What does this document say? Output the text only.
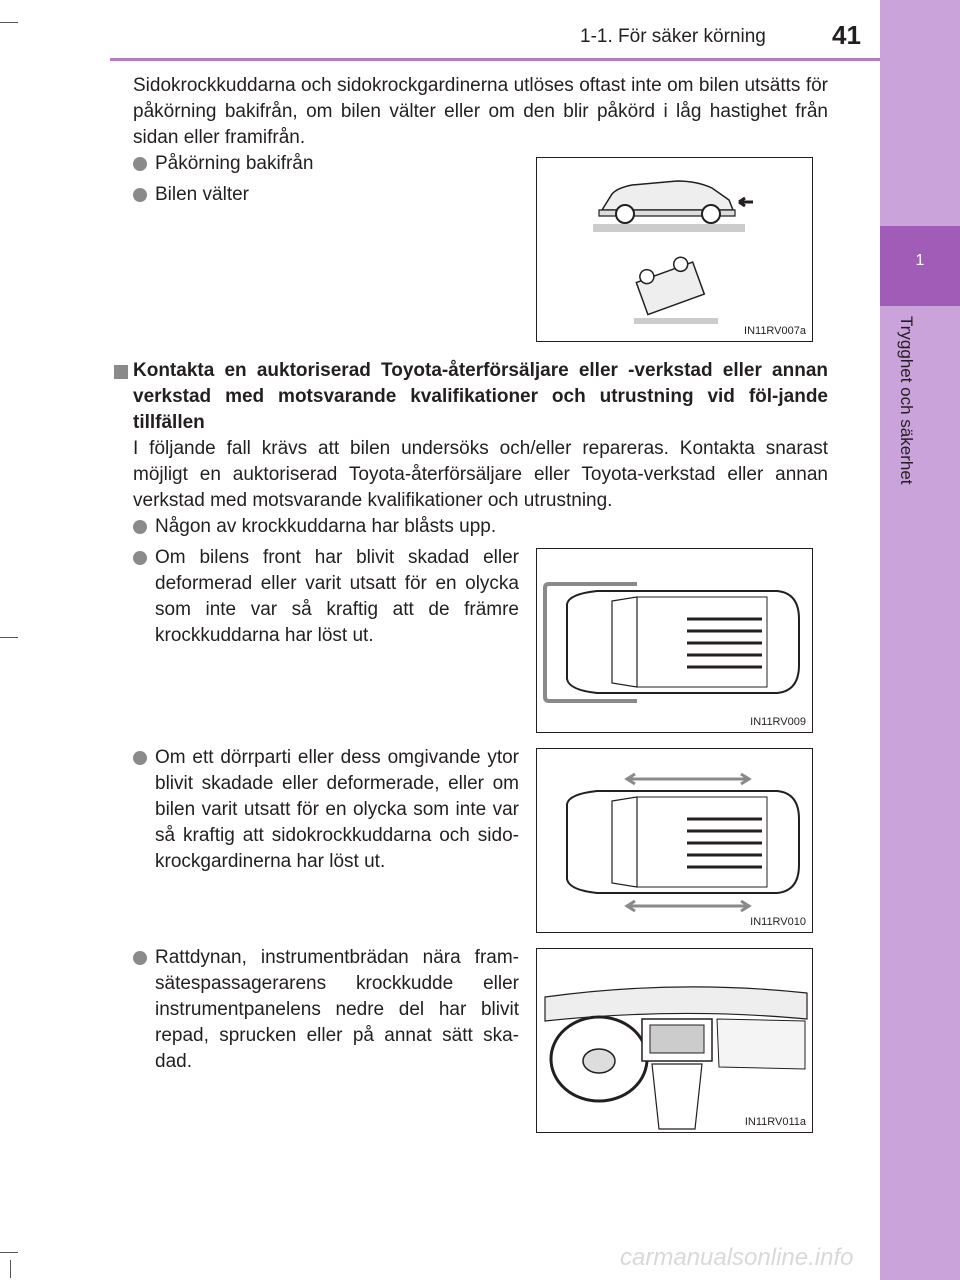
1-1. För säker körning	41
1
Trygghet och säkerhet

Sidokrockkuddarna och sidokrockgardinerna utlöses oftast inte om bilen utsätts för påkörning bakifrån, om bilen välter eller om den blir påkörd i låg hastighet från sidan eller framifrån.

Påkörning bakifrån
Bilen välter
IN11RV007a

Kontakta en auktoriserad Toyota-återförsäljare eller -verkstad eller annan verkstad med motsvarande kvalifikationer och utrustning vid föl-jande tillfällen

I följande fall krävs att bilen undersöks och/eller repareras. Kontakta snarast möjligt en auktoriserad Toyota-återförsäljare eller Toyota-verkstad eller annan verkstad med motsvarande kvalifikationer och utrustning.

Någon av krockkuddarna har blåsts upp.
Om bilens front har blivit skadad eller deformerad eller varit utsatt för en olycka som inte var så kraftig att de främre krockkuddarna har löst ut.
Om ett dörrparti eller dess omgivande ytor blivit skadade eller deformerade, eller om bilen varit utsatt för en olycka som inte var så kraftig att sidokrockkuddarna och sido-krockgardinerna har löst ut.
Rattdynan, instrumentbrädan nära fram-sätespassagerarens krockkudde eller instrumentpanelens nedre del har blivit repad, sprucken eller på annat sätt ska-dad.
IN11RV009
IN11RV010
IN11RV011a
carmanualsonline.info
